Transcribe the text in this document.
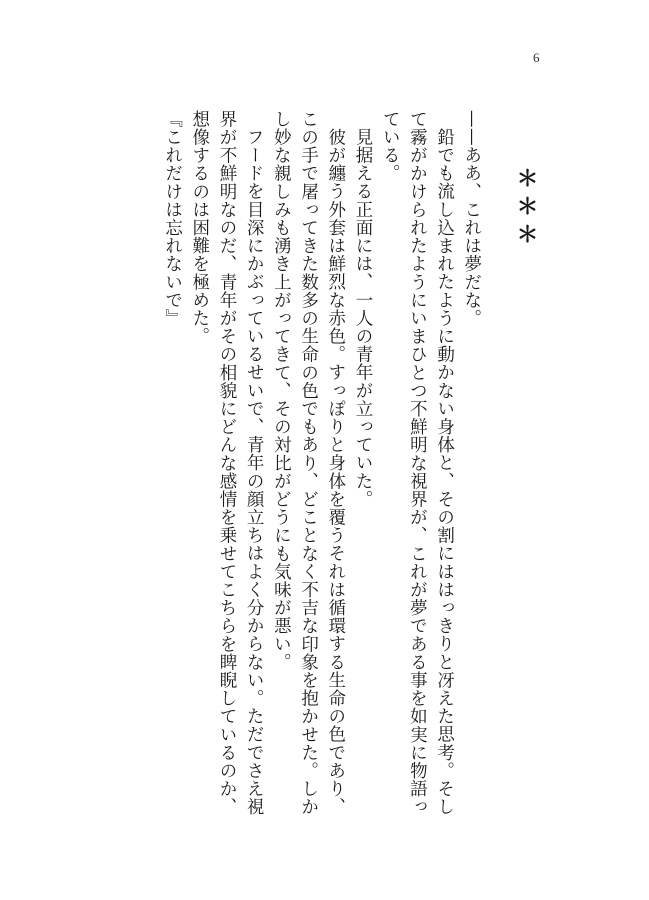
6

＊＊＊

——ああ、これは夢だな。

鉛でも流し込まれたように動かない身体と、その割にははっきりと冴えた思考。そして霧がかけられたようにいまひとつ不鮮明な視界が、これが夢である事を如実に物語っている。

見据える正面には、一人の青年が立っていた。

彼が纏う外套は鮮烈な赤色。すっぽりと身体を覆うそれは循環する生命の色であり、この手で屠ってきた数多の生命の色でもあり、どことなく不吉な印象を抱かせた。しかし妙な親しみも湧き上がってきて、その対比がどうにも気味が悪い。

フードを目深にかぶっているせいで、青年の顔立ちはよく分からない。ただでさえ視界が不鮮明なのだ、青年がその相貌にどんな感情を乗せてこちらを睥睨しているのか、想像するのは困難を極めた。

『これだけは忘れないで』
